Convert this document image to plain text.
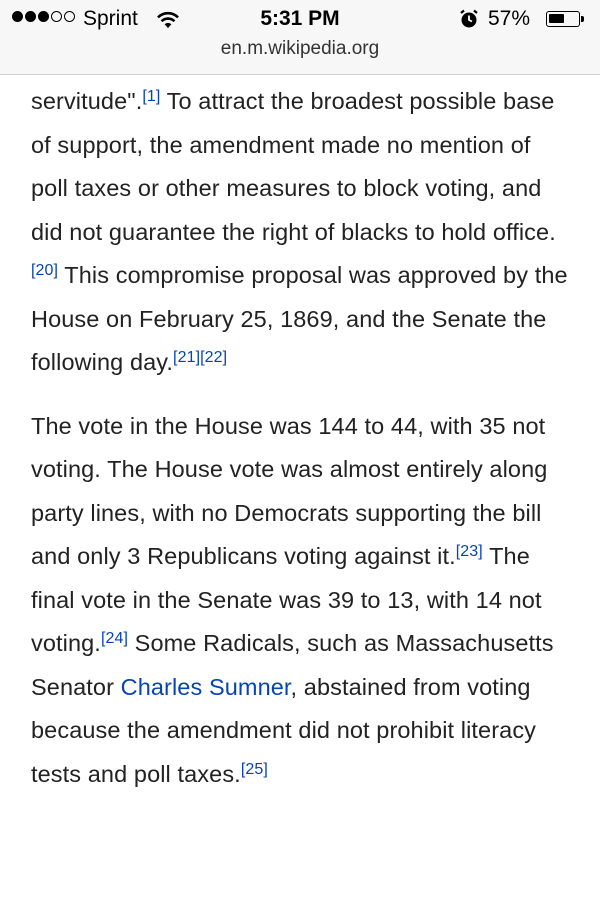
Sprint	5:31 PM	57%
en.m.wikipedia.org

servitude".[1] To attract the broadest possible base of support, the amendment made no mention of poll taxes or other measures to block voting, and did not guarantee the right of blacks to hold office.[20] This compromise proposal was approved by the House on February 25, 1869, and the Senate the following day.[21][22]

The vote in the House was 144 to 44, with 35 not voting. The House vote was almost entirely along party lines, with no Democrats supporting the bill and only 3 Republicans voting against it.[23] The final vote in the Senate was 39 to 13, with 14 not voting.[24] Some Radicals, such as Massachusetts Senator Charles Sumner, abstained from voting because the amendment did not prohibit literacy tests and poll taxes.[25]
